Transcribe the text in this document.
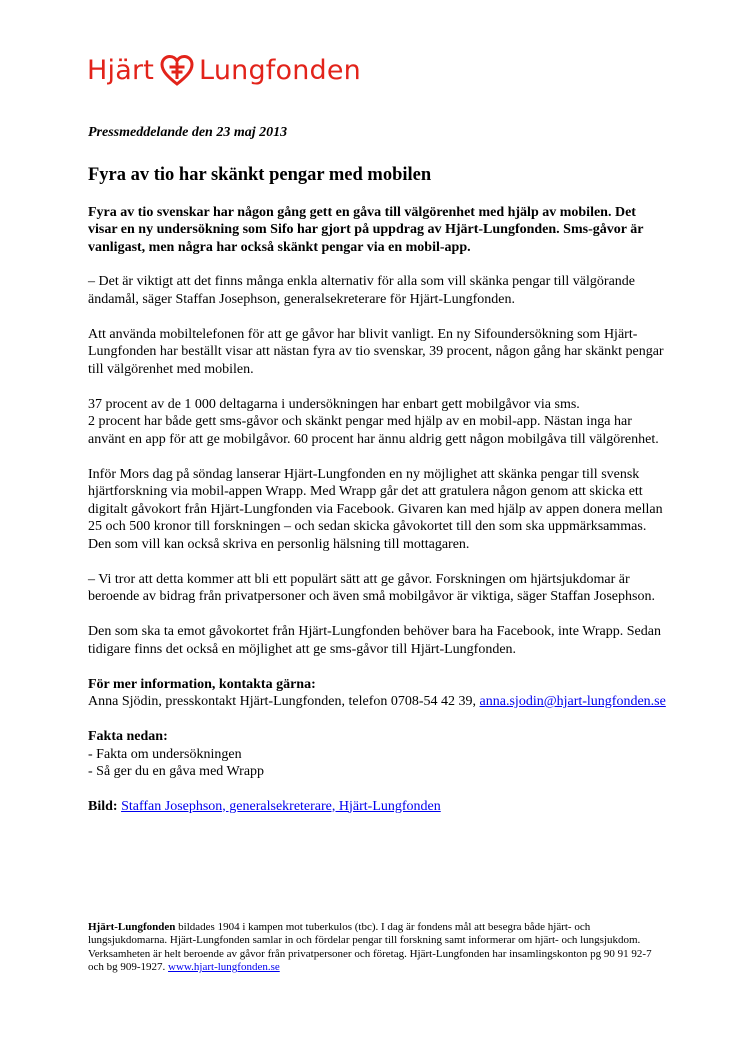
Hjärt Lungfonden
Pressmeddelande den 23 maj 2013
Fyra av tio har skänkt pengar med mobilen
Fyra av tio svenskar har någon gång gett en gåva till välgörenhet med hjälp av mobilen. Det visar en ny undersökning som Sifo har gjort på uppdrag av Hjärt-Lungfonden. Sms-gåvor är vanligast, men några har också skänkt pengar via en mobil-app.

– Det är viktigt att det finns många enkla alternativ för alla som vill skänka pengar till välgörande ändamål, säger Staffan Josephson, generalsekreterare för Hjärt-Lungfonden.

Att använda mobiltelefonen för att ge gåvor har blivit vanligt. En ny Sifoundersökning som Hjärt-Lungfonden har beställt visar att nästan fyra av tio svenskar, 39 procent, någon gång har skänkt pengar till välgörenhet med mobilen.

37 procent av de 1 000 deltagarna i undersökningen har enbart gett mobilgåvor via sms.

2 procent har både gett sms-gåvor och skänkt pengar med hjälp av en mobil-app. Nästan inga har använt en app för att ge mobilgåvor. 60 procent har ännu aldrig gett någon mobilgåva till välgörenhet.

Inför Mors dag på söndag lanserar Hjärt-Lungfonden en ny möjlighet att skänka pengar till svensk hjärtforskning via mobil-appen Wrapp. Med Wrapp går det att gratulera någon genom att skicka ett digitalt gåvokort från Hjärt-Lungfonden via Facebook. Givaren kan med hjälp av appen donera mellan 25 och 500 kronor till forskningen – och sedan skicka gåvokortet till den som ska uppmärksammas. Den som vill kan också skriva en personlig hälsning till mottagaren.

– Vi tror att detta kommer att bli ett populärt sätt att ge gåvor. Forskningen om hjärtsjukdomar är beroende av bidrag från privatpersoner och även små mobilgåvor är viktiga, säger Staffan Josephson.

Den som ska ta emot gåvokortet från Hjärt-Lungfonden behöver bara ha Facebook, inte Wrapp. Sedan tidigare finns det också en möjlighet att ge sms-gåvor till Hjärt-Lungfonden.

För mer information, kontakta gärna:
Anna Sjödin, presskontakt Hjärt-Lungfonden, telefon 0708-54 42 39, anna.sjodin@hjart-lungfonden.se
Fakta nedan:

- Fakta om undersökningen

- Så ger du en gåva med Wrapp

Bild: Staffan Josephson, generalsekreterare, Hjärt-Lungfonden
Hjärt-Lungfonden bildades 1904 i kampen mot tuberkulos (tbc). I dag är fondens mål att besegra både hjärt- och lungsjukdomarna. Hjärt-Lungfonden samlar in och fördelar pengar till forskning samt informerar om hjärt- och lungsjukdom. Verksamheten är helt beroende av gåvor från privatpersoner och företag. Hjärt-Lungfonden har insamlingskonton pg 90 91 92-7 och bg 909-1927. www.hjart-lungfonden.se
